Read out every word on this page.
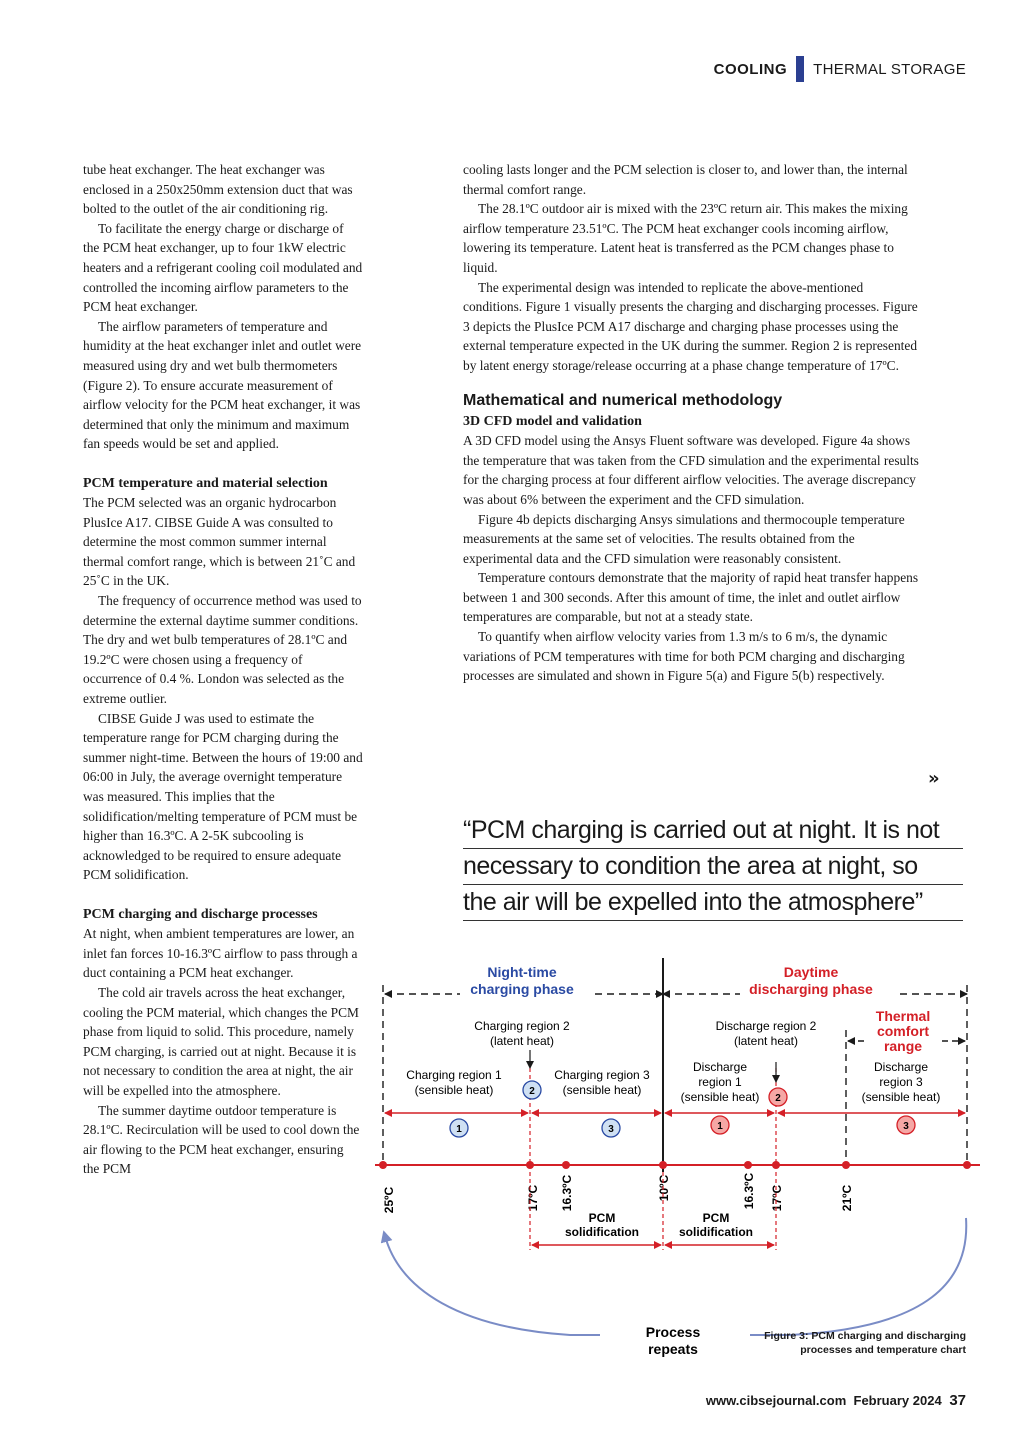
COOLING THERMAL STORAGE

tube heat exchanger. The heat exchanger was enclosed in a 250x250mm extension duct that was bolted to the outlet of the air conditioning rig.

To facilitate the energy charge or discharge of the PCM heat exchanger, up to four 1kW electric heaters and a refrigerant cooling coil modulated and controlled the incoming airflow parameters to the PCM heat exchanger.

The airflow parameters of temperature and humidity at the heat exchanger inlet and outlet were measured using dry and wet bulb thermometers (Figure 2). To ensure accurate measurement of airflow velocity for the PCM heat exchanger, it was determined that only the minimum and maximum fan speeds would be set and applied.

PCM temperature and material selection

The PCM selected was an organic hydrocarbon PlusIce A17. CIBSE Guide A was consulted to determine the most common summer internal thermal comfort range, which is between 21˚C and 25˚C in the UK.

The frequency of occurrence method was used to determine the external daytime summer conditions. The dry and wet bulb temperatures of 28.1ºC and 19.2ºC were chosen using a frequency of occurrence of 0.4 %. London was selected as the extreme outlier.

CIBSE Guide J was used to estimate the temperature range for PCM charging during the summer night-time. Between the hours of 19:00 and 06:00 in July, the average overnight temperature was measured. This implies that the solidification/melting temperature of PCM must be higher than 16.3ºC. A 2-5K subcooling is acknowledged to be required to ensure adequate PCM solidification.

PCM charging and discharge processes

At night, when ambient temperatures are lower, an inlet fan forces 10-16.3ºC airflow to pass through a duct containing a PCM heat exchanger.

The cold air travels across the heat exchanger, cooling the PCM material, which changes the PCM phase from liquid to solid. This procedure, namely PCM charging, is carried out at night. Because it is not necessary to condition the area at night, the air will be expelled into the atmosphere.

The summer daytime outdoor temperature is 28.1ºC. Recirculation will be used to cool down the air flowing to the PCM heat exchanger, ensuring the PCM

cooling lasts longer and the PCM selection is closer to, and lower than, the internal thermal comfort range.

The 28.1ºC outdoor air is mixed with the 23ºC return air. This makes the mixing airflow temperature 23.51ºC. The PCM heat exchanger cools incoming airflow, lowering its temperature. Latent heat is transferred as the PCM changes phase to liquid.

The experimental design was intended to replicate the above-mentioned conditions. Figure 1 visually presents the charging and discharging processes. Figure 3 depicts the PlusIce PCM A17 discharge and charging phase processes using the external temperature expected in the UK during the summer. Region 2 is represented by latent energy storage/release occurring at a phase change temperature of 17ºC.

Mathematical and numerical methodology
3D CFD model and validation

A 3D CFD model using the Ansys Fluent software was developed. Figure 4a shows the temperature that was taken from the CFD simulation and the experimental results for the charging process at four different airflow velocities. The average discrepancy was about 6% between the experiment and the CFD simulation.

Figure 4b depicts discharging Ansys simulations and thermocouple temperature measurements at the same set of velocities. The results obtained from the experimental data and the CFD simulation were reasonably consistent.

Temperature contours demonstrate that the majority of rapid heat transfer happens between 1 and 300 seconds. After this amount of time, the inlet and outlet airflow temperatures are comparable, but not at a steady state.

To quantify when airflow velocity varies from 1.3 m/s to 6 m/s, the dynamic variations of PCM temperatures with time for both PCM charging and discharging processes are simulated and shown in Figure 5(a) and Figure 5(b) respectively.

»
“PCM charging is carried out at night. It is not
necessary to condition the area at night, so
the air will be expelled into the atmosphere”
Night-time
charging phase
Daytime
discharging phase
Thermal
comfort
range
Charging region 2
(latent heat)
Charging region 1
(sensible heat)
Charging region 3
(sensible heat)
Discharge region 2
(latent heat)
Discharge
region 1
(sensible heat)
Discharge
region 3
(sensible heat)
1
2
3	1
2
3
25ºC	17ºC 16.3ºC	10ºC	16.3ºC 17ºC	21ºC
PCM
solidification
PCM
solidification
Process
repeats
Figure 3: PCM charging and discharging
processes and temperature chart
www.cibsejournal.com February 2024 37
